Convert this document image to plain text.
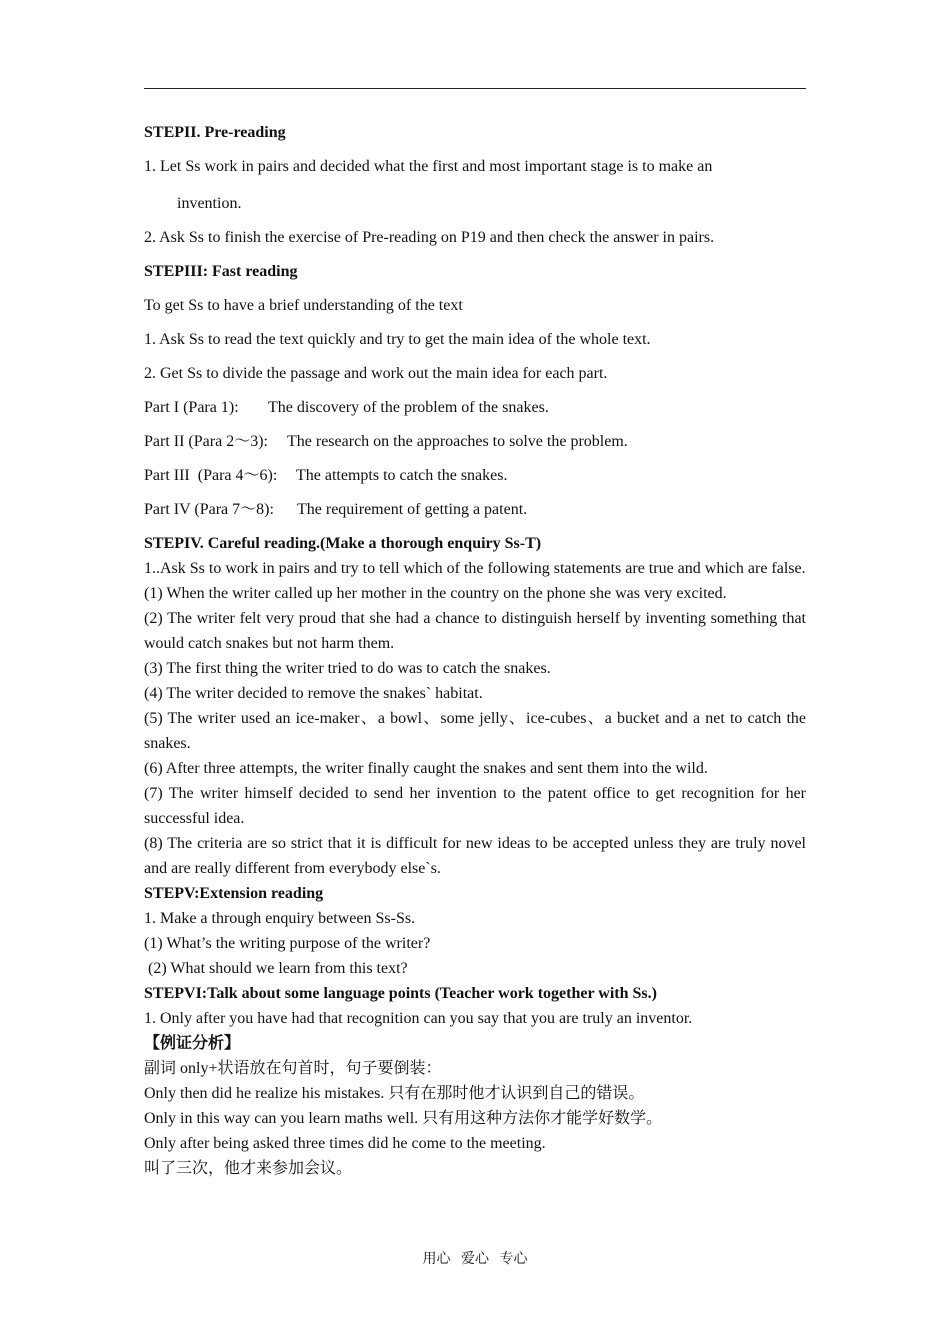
STEPII. Pre-reading
1. Let Ss work in pairs and decided what the first and most important stage is to make an
invention.
2. Ask Ss to finish the exercise of Pre-reading on P19 and then check the answer in pairs.
STEPIII: Fast reading
To get Ss to have a brief understanding of the text
1. Ask Ss to read the text quickly and try to get the main idea of the whole text.
2. Get Ss to divide the passage and work out the main idea for each part.
Part I (Para 1): The discovery of the problem of the snakes.
Part II (Para 2～3): The research on the approaches to solve the problem.
Part III  (Para 4～6): The attempts to catch the snakes.
Part IV (Para 7～8): The requirement of getting a patent.
STEPIV. Careful reading.(Make a thorough enquiry Ss-T)
1..Ask Ss to work in pairs and try to tell which of the following statements are true and which are false.
(1) When the writer called up her mother in the country on the phone she was very excited.
(2) The writer felt very proud that she had a chance to distinguish herself by inventing something that would catch snakes but not harm them.
(3) The first thing the writer tried to do was to catch the snakes.
(4) The writer decided to remove the snakes` habitat.
(5) The writer used an ice-maker、a bowl、some jelly、ice-cubes、a bucket and a net to catch the snakes.
(6) After three attempts, the writer finally caught the snakes and sent them into the wild.
(7) The writer himself decided to send her invention to the patent office to get recognition for her successful idea.
(8) The criteria are so strict that it is difficult for new ideas to be accepted unless they are truly novel and are really different from everybody else`s.
STEPV:Extension reading
1. Make a through enquiry between Ss-Ss.
(1) What’s the writing purpose of the writer?
(2) What should we learn from this text?
STEPVI:Talk about some language points (Teacher work together with Ss.)
1. Only after you have had that recognition can you say that you are truly an inventor.
【例证分析】
副词 only+状语放在句首时，句子要倒装：
Only then did he realize his mistakes. 只有在那时他才认识到自己的错误。
Only in this way can you learn maths well. 只有用这种方法你才能学好数学。
Only after being asked three times did he come to the meeting.
叫了三次，他才来参加会议。
用心   爱心   专心
